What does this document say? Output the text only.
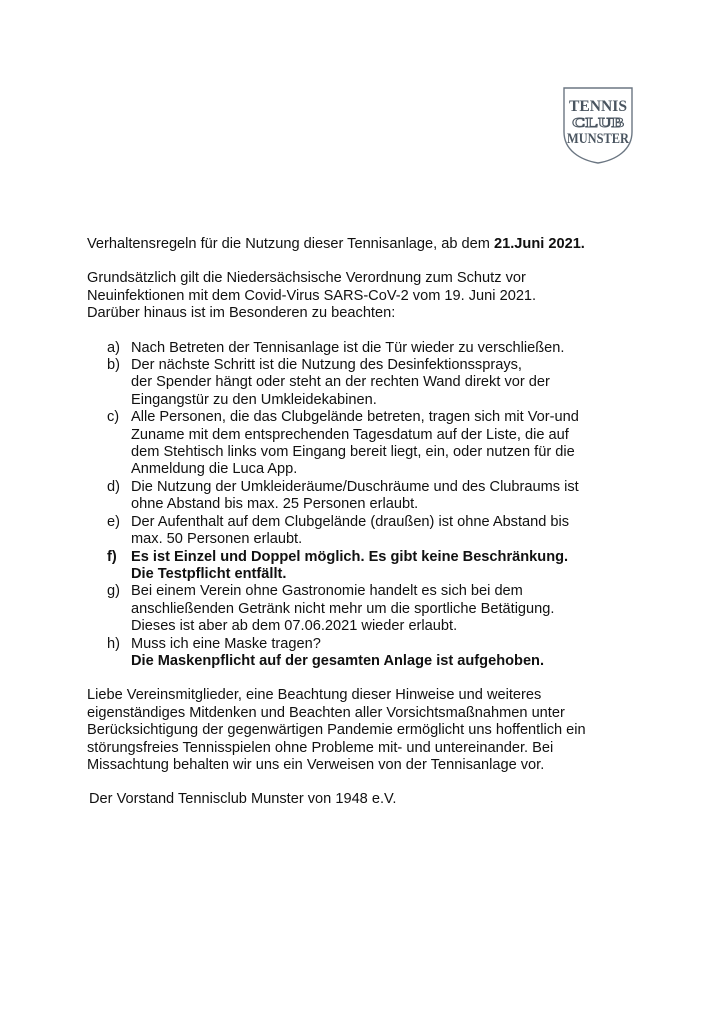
TENNIS
CLUB
MUNSTER

Verhaltensregeln für die Nutzung dieser Tennisanlage, ab dem 21.Juni 2021.

Grundsätzlich gilt die Niedersächsische Verordnung zum Schutz vor
Neuinfektionen mit dem Covid-Virus SARS-CoV-2 vom 19. Juni 2021.
Darüber hinaus ist im Besonderen zu beachten:
a) Nach Betreten der Tennisanlage ist die Tür wieder zu verschließen.
b) Der nächste Schritt ist die Nutzung des Desinfektionssprays,
der Spender hängt oder steht an der rechten Wand direkt vor der
Eingangstür zu den Umkleidekabinen.
c) Alle Personen, die das Clubgelände betreten, tragen sich mit Vor-und
Zuname mit dem entsprechenden Tagesdatum auf der Liste, die auf
dem Stehtisch links vom Eingang bereit liegt, ein, oder nutzen für die
Anmeldung die Luca App.
d) Die Nutzung der Umkleideräume/Duschräume und des Clubraums ist
ohne Abstand bis max. 25 Personen erlaubt.
e) Der Aufenthalt auf dem Clubgelände (draußen) ist ohne Abstand bis
max. 50 Personen erlaubt.
f) Es ist Einzel und Doppel möglich. Es gibt keine Beschränkung.
Die Testpflicht entfällt.
g) Bei einem Verein ohne Gastronomie handelt es sich bei dem
anschließenden Getränk nicht mehr um die sportliche Betätigung.
Dieses ist aber ab dem 07.06.2021 wieder erlaubt.
h) Muss ich eine Maske tragen?
Die Maskenpflicht auf der gesamten Anlage ist aufgehoben.
Liebe Vereinsmitglieder, eine Beachtung dieser Hinweise und weiteres
eigenständiges Mitdenken und Beachten aller Vorsichtsmaßnahmen unter
Berücksichtigung der gegenwärtigen Pandemie ermöglicht uns hoffentlich ein
störungsfreies Tennisspielen ohne Probleme mit- und untereinander. Bei
Missachtung behalten wir uns ein Verweisen von der Tennisanlage vor.
Der Vorstand Tennisclub Munster von 1948 e.V.
